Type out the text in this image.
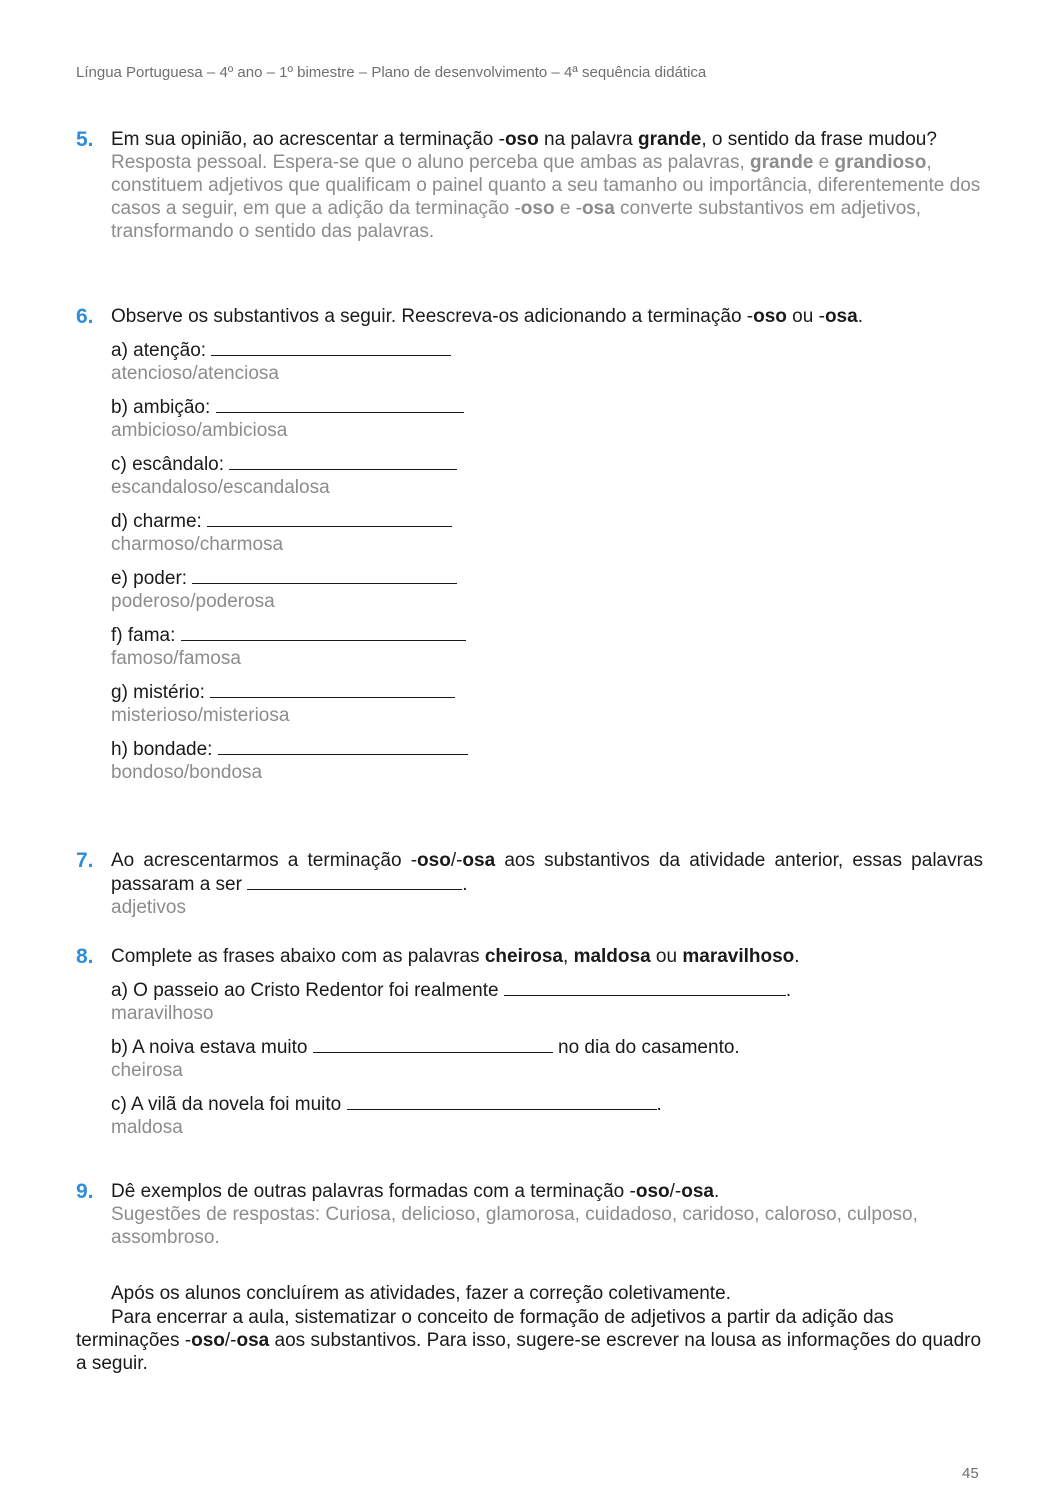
Língua Portuguesa – 4º ano – 1º bimestre – Plano de desenvolvimento – 4ª sequência didática
5. Em sua opinião, ao acrescentar a terminação -oso na palavra grande, o sentido da frase mudou?
Resposta pessoal. Espera-se que o aluno perceba que ambas as palavras, grande e grandioso, constituem adjetivos que qualificam o painel quanto a seu tamanho ou importância, diferentemente dos casos a seguir, em que a adição da terminação -oso e -osa converte substantivos em adjetivos, transformando o sentido das palavras.
6. Observe os substantivos a seguir. Reescreva-os adicionando a terminação -oso ou -osa.
a) atenção:
atencioso/atenciosa
b) ambição:
ambicioso/ambiciosa
c) escândalo:
escandaloso/escandalosa
d) charme:
charmoso/charmosa
e) poder:
poderoso/poderosa
f) fama:
famoso/famosa
g) mistério:
misterioso/misteriosa
h) bondade:
bondoso/bondosa
7. Ao acrescentarmos a terminação -oso/-osa aos substantivos da atividade anterior, essas palavras passaram a ser	.
adjetivos
8. Complete as frases abaixo com as palavras cheirosa, maldosa ou maravilhoso.
a) O passeio ao Cristo Redentor foi realmente	.
maravilhoso
b) A noiva estava muito	no dia do casamento.
cheirosa
c) A vilã da novela foi muito	.
maldosa
9. Dê exemplos de outras palavras formadas com a terminação -oso/-osa.
Sugestões de respostas: Curiosa, delicioso, glamorosa, cuidadoso, caridoso, caloroso, culposo, assombroso.
Após os alunos concluírem as atividades, fazer a correção coletivamente.
Para encerrar a aula, sistematizar o conceito de formação de adjetivos a partir da adição das terminações -oso/-osa aos substantivos. Para isso, sugere-se escrever na lousa as informações do quadro a seguir.
45
